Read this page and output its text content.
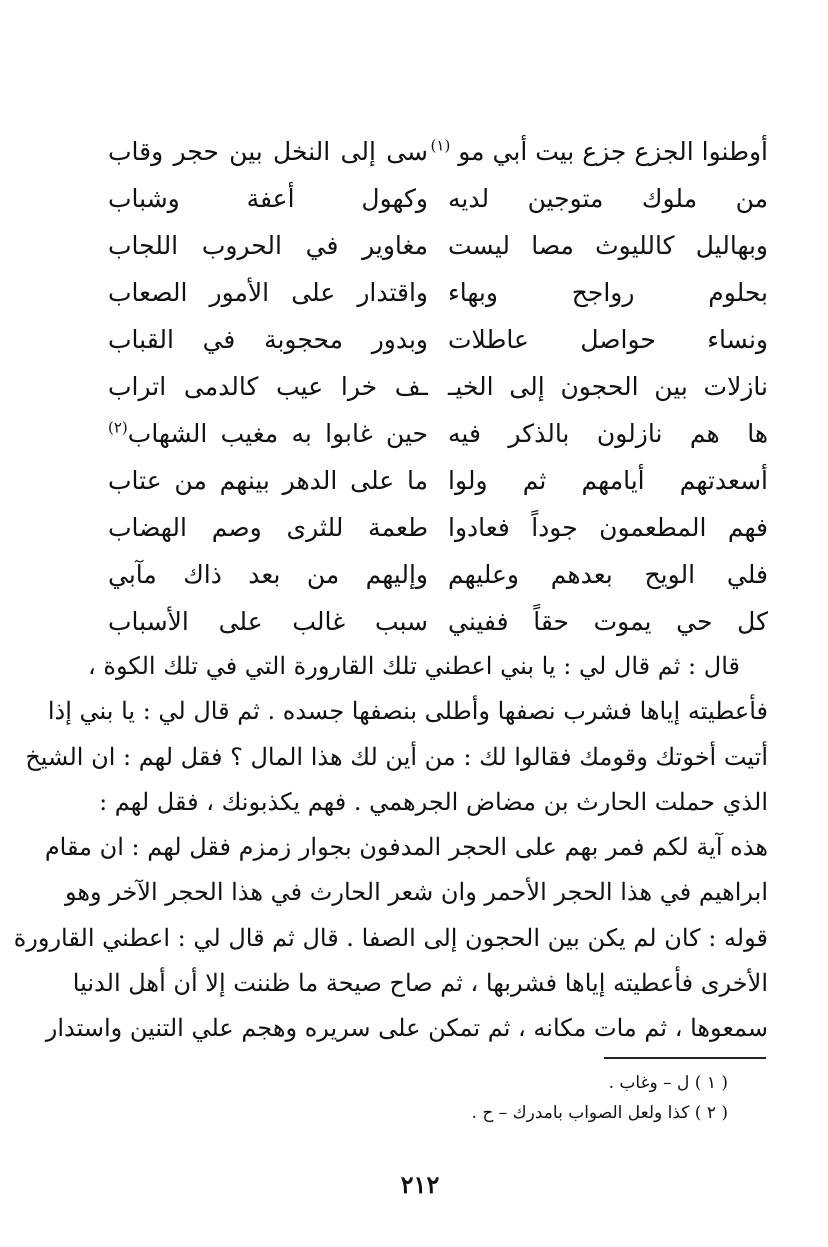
أوطنوا الجزع جزع بيت أبي مو $^{(١)}$
سى إلى النخل بين حجر وقاب
من ملوك متوجين لديه
وكهول أعفة وشباب
وبهاليل كالليوث مصا ليست
مغاوير في الحروب اللجاب
بحلوم رواجح وبهاء
واقتدار على الأمور الصعاب
ونساء حواصل عاطلات
وبدور محجوبة في القباب
نازلات بين الحجون إلى الخيـ
ـف خرا عيب كالدمى اتراب
ها هم نازلون بالذكر فيه
حين غابوا به مغيب الشهاب$^{(٢)}$
أسعدتهم أيامهم ثم ولوا
ما على الدهر بينهم من عتاب
فهم المطعمون جوداً فعادوا
طعمة للثرى وصم الهضاب
فلي الويح بعدهم وعليهم
وإليهم من بعد ذاك مآبي
كل حي يموت حقاً ففيني
سبب غالب على الأسباب
قال : ثم قال لي : يا بني اعطني تلك القارورة التي في تلك الكوة ،
فأعطيته إياها فشرب نصفها وأطلى بنصفها جسده . ثم قال لي : يا بني إذا
أتيت أخوتك وقومك فقالوا لك : من أين لك هذا المال ؟ فقل لهم : ان الشيخ
الذي حملت الحارث بن مضاض الجرهمي . فهم يكذبونك ، فقل لهم :
هذه آية لكم فمر بهم على الحجر المدفون بجوار زمزم فقل لهم : ان مقام
ابراهيم في هذا الحجر الأحمر وان شعر الحارث في هذا الحجر الآخر وهو
قوله : كان لم يكن بين الحجون إلى الصفا . قال ثم قال لي : اعطني القارورة
الأخرى فأعطيته إياها فشربها ، ثم صاح صيحة ما ظننت إلا أن أهل الدنيا
سمعوها ، ثم مات مكانه ، ثم تمكن على سريره وهجم علي التنين واستدار
( ١ ) ل – وغاب .
( ٢ ) كذا ولعل الصواب بامدرك – ح .
٢١٢
